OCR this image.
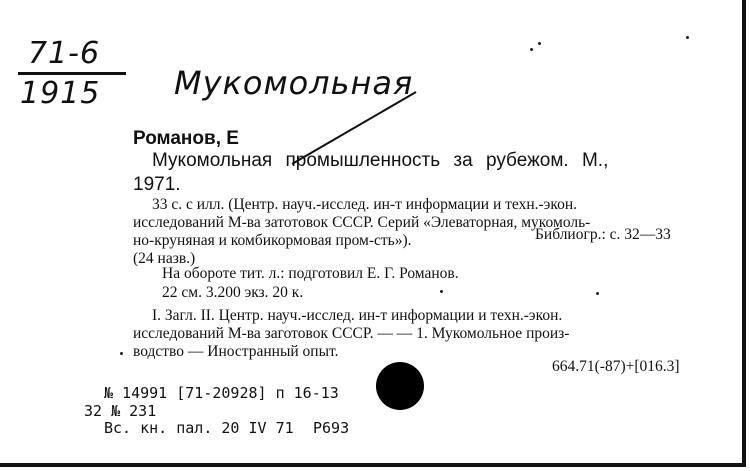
71-6
1915 Мукомольная
Романов, Е
Мукомольная промышленность за рубежом. М.,
1971.
33 с. с илл. (Центр. науч.-исслед. ин-т информации и техн.-экон.
исследований М-ва затотовок СССР. Серий «Элеваторная, мукомоль-
но-круняная и комбикормовая пром-сть»).	Библиогр.: с. 32—33
(24 назв.)
На обороте тит. л.: подготовил Е. Г. Романов.
22 см. 3.200 экз. 20 к.
I. Загл. II. Центр. науч.-исслед. ин-т информации и техн.-экон.
исследований М-ва заготовок СССР. — — 1. Мукомольное произ-
водство — Иностранный опыт.
664.71(-87)+[016.3]
№ 14991 [71-20928] п 16-13
32 № 231
Вс. кн. пал. 20 IV 71 Р693
